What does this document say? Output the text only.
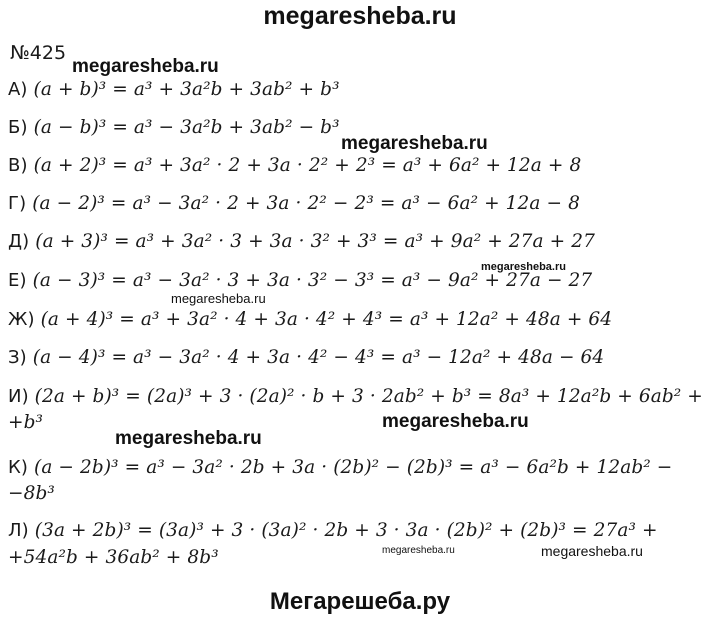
megaresheba.ru
№425
А) (a + b)³ = a³ + 3a²b + 3ab² + b³
Б) (a − b)³ = a³ − 3a²b + 3ab² − b³
В) (a + 2)³ = a³ + 3a² · 2 + 3a · 2² + 2³ = a³ + 6a² + 12a + 8
Г) (a − 2)³ = a³ − 3a² · 2 + 3a · 2² − 2³ = a³ − 6a² + 12a − 8
Д) (a + 3)³ = a³ + 3a² · 3 + 3a · 3² + 3³ = a³ + 9a² + 27a + 27
Е) (a − 3)³ = a³ − 3a² · 3 + 3a · 3² − 3³ = a³ − 9a² + 27a − 27
Ж) (a + 4)³ = a³ + 3a² · 4 + 3a · 4² + 4³ = a³ + 12a² + 48a + 64
З) (a − 4)³ = a³ − 3a² · 4 + 3a · 4² − 4³ = a³ − 12a² + 48a − 64
И) (2a + b)³ = (2a)³ + 3 · (2a)² · b + 3 · 2ab² + b³ = 8a³ + 12a²b + 6ab² +
+b³
К) (a − 2b)³ = a³ − 3a² · 2b + 3a · (2b)² − (2b)³ = a³ − 6a²b + 12ab² −
−8b³
Л) (3a + 2b)³ = (3a)³ + 3 · (3a)² · 2b + 3 · 3a · (2b)² + (2b)³ = 27a³ +
+54a²b + 36ab² + 8b³
megaresheba.ru
megaresheba.ru
megaresheba.ru
megaresheba.ru
megaresheba.ru
megaresheba.ru
megaresheba.ru	megaresheba.ru
Мегарешеба.ру
